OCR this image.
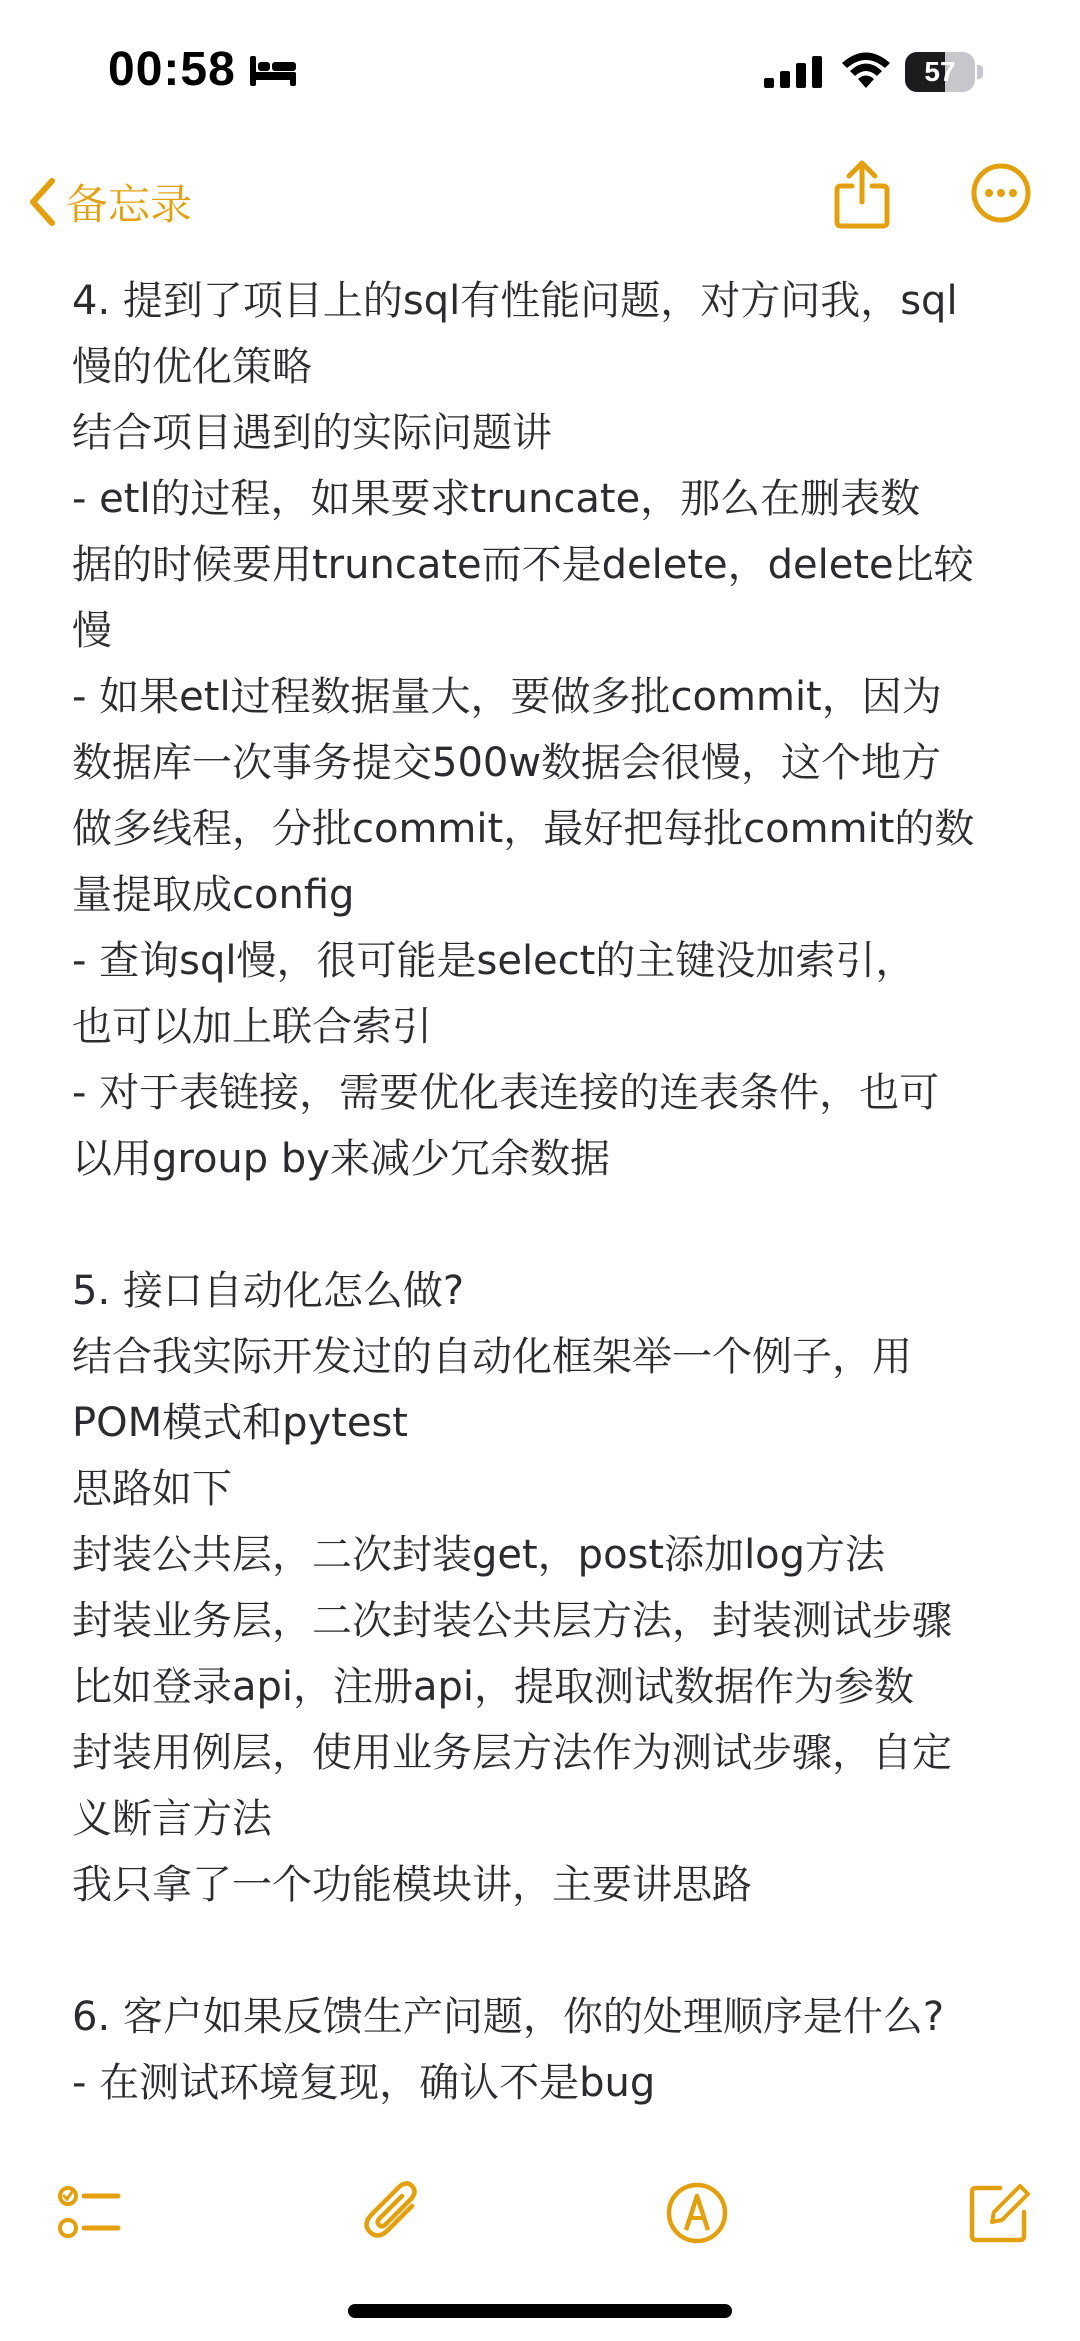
00:58	57
备忘录
4. 提到了项目上的sql有性能问题，对方问我，sql
慢的优化策略
结合项目遇到的实际问题讲
- etl的过程，如果要求truncate，那么在删表数
据的时候要用truncate而不是delete，delete比较
慢
- 如果etl过程数据量大，要做多批commit，因为
数据库一次事务提交500w数据会很慢，这个地方
做多线程，分批commit，最好把每批commit的数
量提取成config
- 查询sql慢，很可能是select的主键没加索引，
也可以加上联合索引
- 对于表链接，需要优化表连接的连表条件，也可
以用group by来减少冗余数据
5. 接口自动化怎么做?
结合我实际开发过的自动化框架举一个例子，用
POM模式和pytest
思路如下
封装公共层，二次封装get，post添加log方法
封装业务层，二次封装公共层方法，封装测试步骤
比如登录api，注册api，提取测试数据作为参数
封装用例层，使用业务层方法作为测试步骤，自定
义断言方法
我只拿了一个功能模块讲，主要讲思路
6. 客户如果反馈生产问题，你的处理顺序是什么?
- 在测试环境复现，确认不是bug
